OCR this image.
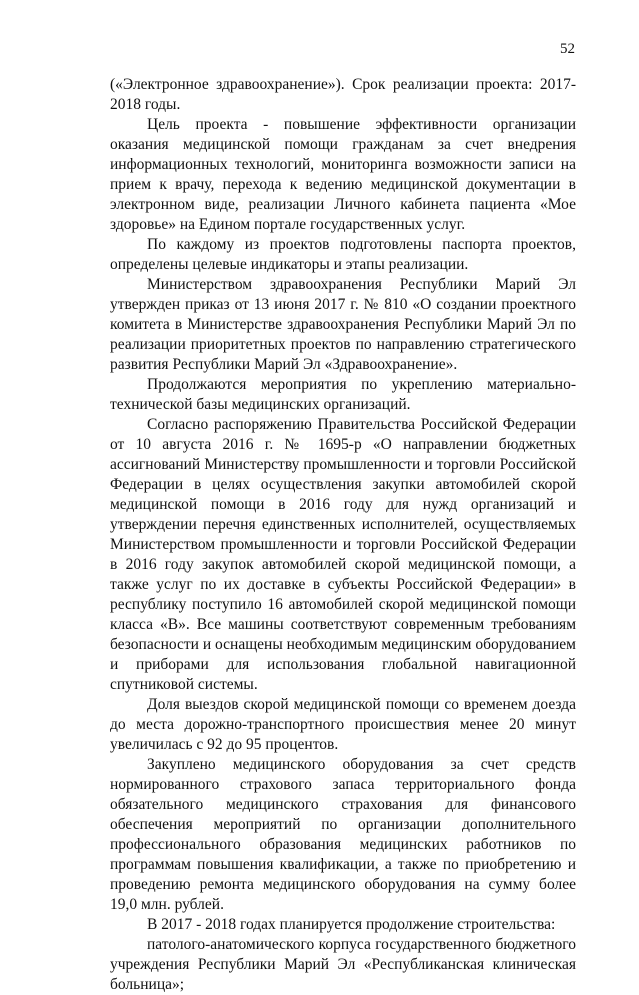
52

(«Электронное здравоохранение»). Срок реализации проекта: 2017-2018 годы.

Цель проекта - повышение эффективности организации оказания медицинской помощи гражданам за счет внедрения информационных технологий, мониторинга возможности записи на прием к врачу, перехода к ведению медицинской документации в электронном виде, реализации Личного кабинета пациента «Мое здоровье» на Едином портале государственных услуг.

По каждому из проектов подготовлены паспорта проектов, определены целевые индикаторы и этапы реализации.

Министерством здравоохранения Республики Марий Эл утвержден приказ от 13 июня 2017 г. № 810 «О создании проектного комитета в Министерстве здравоохранения Республики Марий Эл по реализации приоритетных проектов по направлению стратегического развития Республики Марий Эл «Здравоохранение».

Продолжаются мероприятия по укреплению материально-технической базы медицинских организаций.

Согласно распоряжению Правительства Российской Федерации от 10 августа 2016 г. № 1695-р «О направлении бюджетных ассигнований Министерству промышленности и торговли Российской Федерации в целях осуществления закупки автомобилей скорой медицинской помощи в 2016 году для нужд организаций и утверждении перечня единственных исполнителей, осуществляемых Министерством промышленности и торговли Российской Федерации в 2016 году закупок автомобилей скорой медицинской помощи, а также услуг по их доставке в субъекты Российской Федерации» в республику поступило 16 автомобилей скорой медицинской помощи класса «В». Все машины соответствуют современным требованиям безопасности и оснащены необходимым медицинским оборудованием и приборами для использования глобальной навигационной спутниковой системы.

Доля выездов скорой медицинской помощи со временем доезда до места дорожно-транспортного происшествия менее 20 минут увеличилась с 92 до 95 процентов.

Закуплено медицинского оборудования за счет средств нормированного страхового запаса территориального фонда обязательного медицинского страхования для финансового обеспечения мероприятий по организации дополнительного профессионального образования медицинских работников по программам повышения квалификации, а также по приобретению и проведению ремонта медицинского оборудования на сумму более 19,0 млн. рублей.

В 2017 - 2018 годах планируется продолжение строительства:

патолого-анатомического корпуса государственного бюджетного учреждения Республики Марий Эл «Республиканская клиническая больница»;
